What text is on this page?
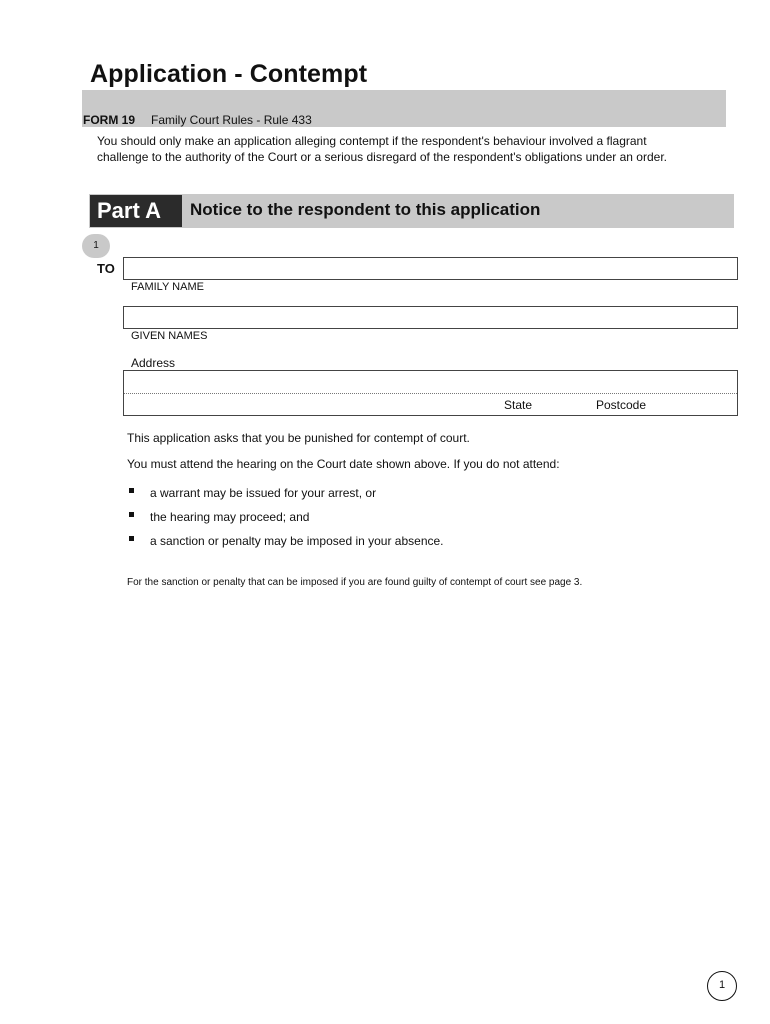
Application - Contempt
FORM 19 Family Court Rules - Rule 433
You should only make an application alleging contempt if the respondent's behaviour involved a flagrant
challenge to the authority of the Court or a serious disregard of the respondent's obligations under an order.
Part A	Notice to the respondent to this application
1
TO
FAMILY NAME
GIVEN NAMES
Address
State	Postcode
This application asks that you be punished for contempt of court.
You must attend the hearing on the Court date shown above. If you do not attend:
a warrant may be issued for your arrest, or
the hearing may proceed; and
a sanction or penalty may be imposed in your absence.
For the sanction or penalty that can be imposed if you are found guilty of contempt of court see page 3.
1
